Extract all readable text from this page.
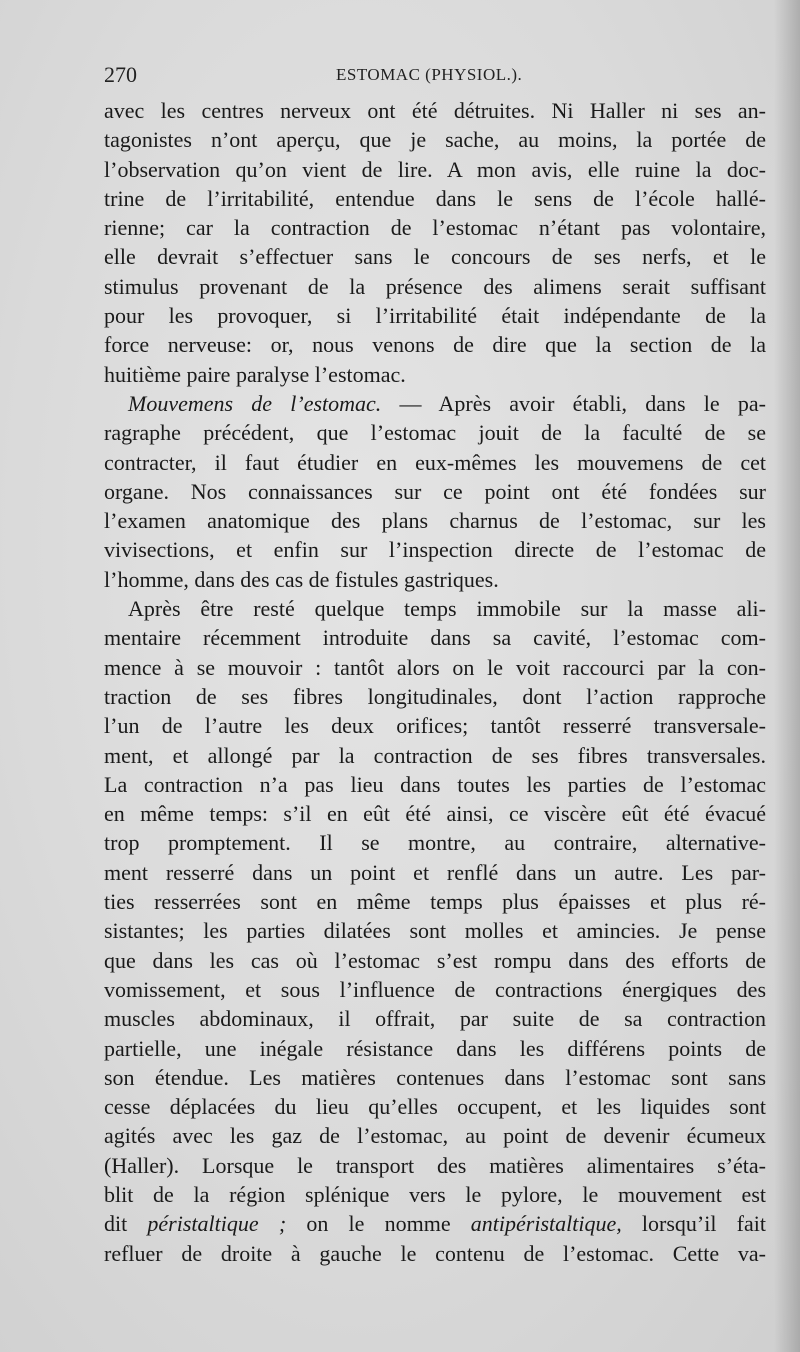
270	ESTOMAC (PHYSIOL.).
avec les centres nerveux ont été détruites. Ni Haller ni ses an-
tagonistes n’ont aperçu, que je sache, au moins, la portée de
l’observation qu’on vient de lire. A mon avis, elle ruine la doc-
trine de l’irritabilité, entendue dans le sens de l’école hallé-
rienne; car la contraction de l’estomac n’étant pas volontaire,
elle devrait s’effectuer sans le concours de ses nerfs, et le
stimulus provenant de la présence des alimens serait suffisant
pour les provoquer, si l’irritabilité était indépendante de la
force nerveuse: or, nous venons de dire que la section de la
huitième paire paralyse l’estomac.
Mouvemens de l’estomac. — Après avoir établi, dans le pa-
ragraphe précédent, que l’estomac jouit de la faculté de se
contracter, il faut étudier en eux-mêmes les mouvemens de cet
organe. Nos connaissances sur ce point ont été fondées sur
l’examen anatomique des plans charnus de l’estomac, sur les
vivisections, et enfin sur l’inspection directe de l’estomac de
l’homme, dans des cas de fistules gastriques.
Après être resté quelque temps immobile sur la masse ali-
mentaire récemment introduite dans sa cavité, l’estomac com-
mence à se mouvoir : tantôt alors on le voit raccourci par la con-
traction de ses fibres longitudinales, dont l’action rapproche
l’un de l’autre les deux orifices; tantôt resserré transversale-
ment, et allongé par la contraction de ses fibres transversales.
La contraction n’a pas lieu dans toutes les parties de l’estomac
en même temps: s’il en eût été ainsi, ce viscère eût été évacué
trop promptement. Il se montre, au contraire, alternative-
ment resserré dans un point et renflé dans un autre. Les par-
ties resserrées sont en même temps plus épaisses et plus ré-
sistantes; les parties dilatées sont molles et amincies. Je pense
que dans les cas où l’estomac s’est rompu dans des efforts de
vomissement, et sous l’influence de contractions énergiques des
muscles abdominaux, il offrait, par suite de sa contraction
partielle, une inégale résistance dans les différens points de
son étendue. Les matières contenues dans l’estomac sont sans
cesse déplacées du lieu qu’elles occupent, et les liquides sont
agités avec les gaz de l’estomac, au point de devenir écumeux
(Haller). Lorsque le transport des matières alimentaires s’éta-
blit de la région splénique vers le pylore, le mouvement est
dit péristaltique ; on le nomme antipéristaltique, lorsqu’il fait
refluer de droite à gauche le contenu de l’estomac. Cette va-
